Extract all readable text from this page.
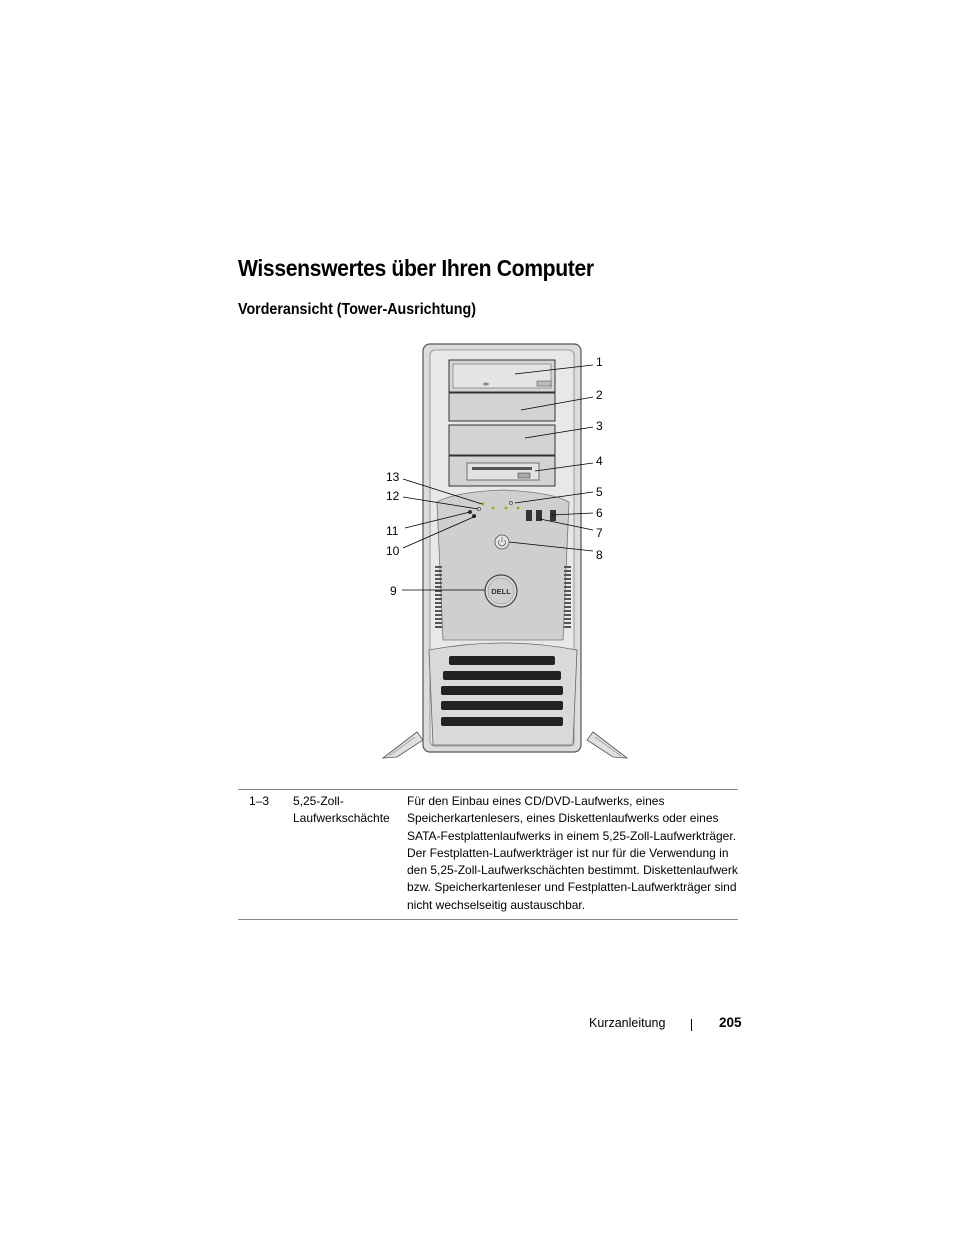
Wissenswertes über Ihren Computer
Vorderansicht (Tower-Ausrichtung)
DELL
1
2
3
4
5
6
7
8
9
10
11
12
13
1–3	5,25-Zoll-Laufwerkschächte	Für den Einbau eines CD/DVD-Laufwerks, eines Speicherkartenlesers, eines Diskettenlaufwerks oder eines SATA-Festplattenlaufwerks in einem 5,25-Zoll-Laufwerkträger. Der Festplatten-Laufwerkträger ist nur für die Verwendung in den 5,25-Zoll-Laufwerkschächten bestimmt. Diskettenlaufwerk bzw. Speicherkartenleser und Festplatten-Laufwerkträger sind nicht wechselseitig austauschbar.
Kurzanleitung	205
